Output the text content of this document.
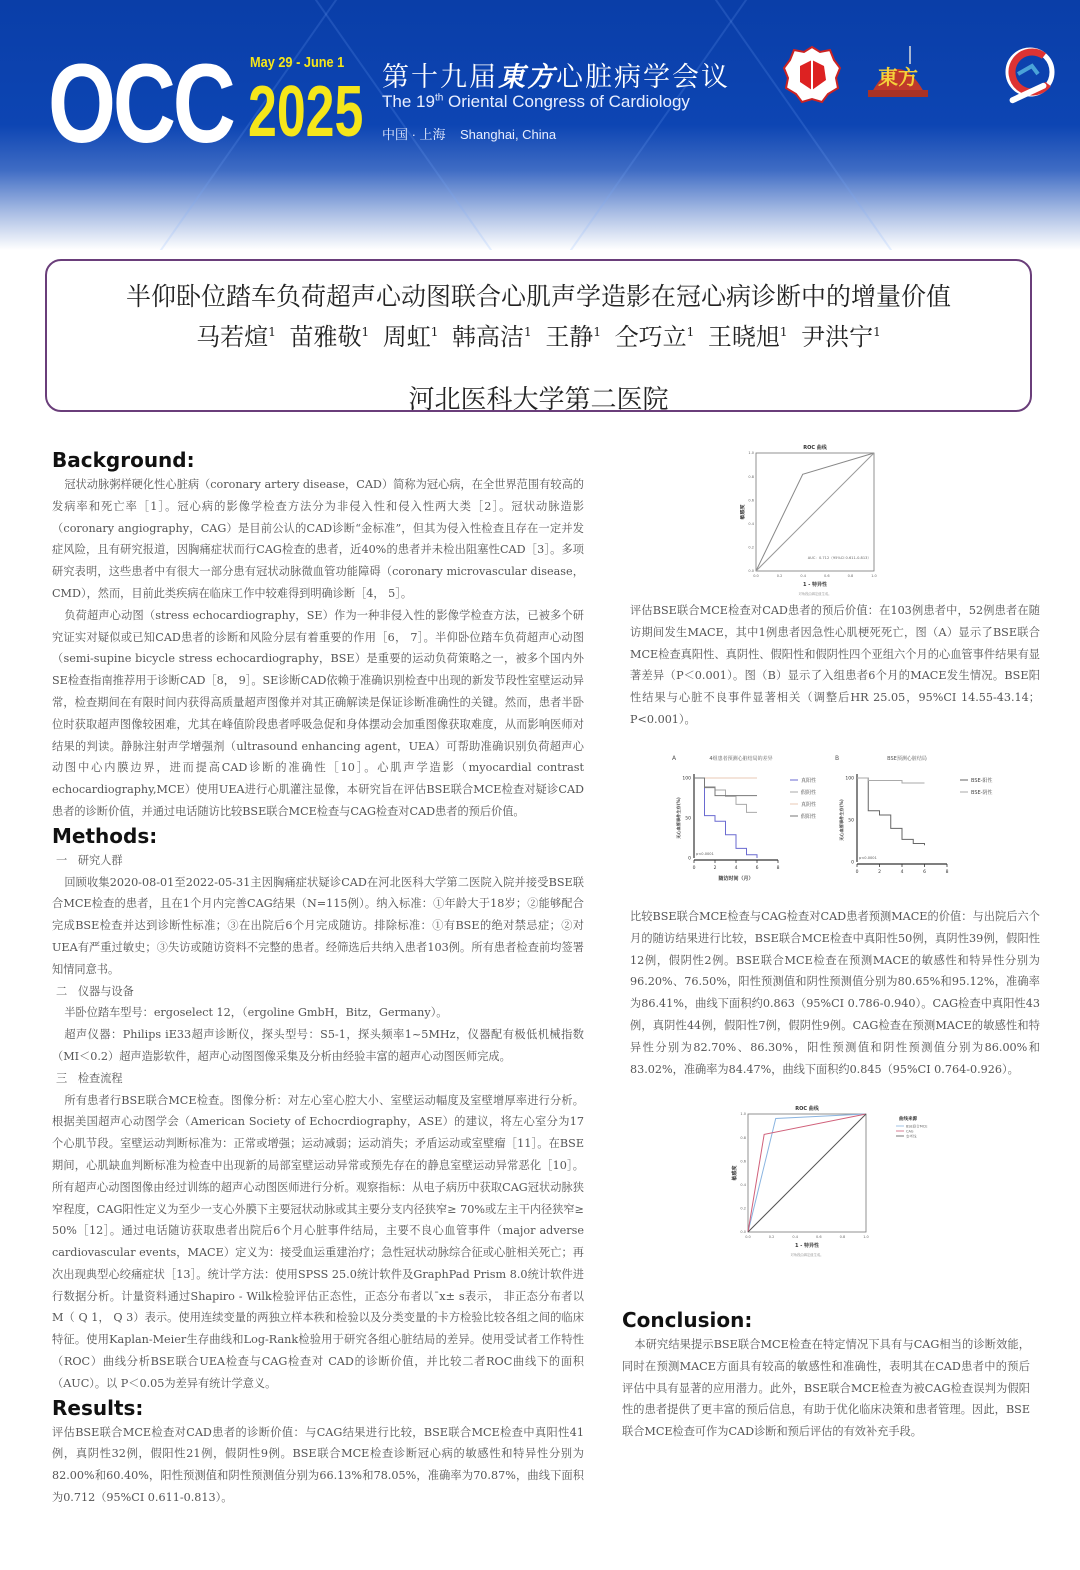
OCC May 29 - June 1
2025 第十九届東方心脏病学会议
The 19th Oriental Congress of Cardiology
中国 · 上海    Shanghai, China
東方
半仰卧位踏车负荷超声心动图联合心肌声学造影在冠心病诊断中的增量价值
马若煊$^1$ 苗雅敬$^1$ 周虹$^1$ 韩高洁$^1$ 王静$^1$ 仝巧立$^1$ 王晓旭$^1$ 尹洪宁$^1$
河北医科大学第二医院
Background:

冠状动脉粥样硬化性心脏病（coronary artery disease，CAD）简称为冠心病，在全世界范围有较高的发病率和死亡率［1］。冠心病的影像学检查方法分为非侵入性和侵入性两大类［2］。冠状动脉造影（coronary angiography，CAG）是目前公认的CAD诊断“金标准”，但其为侵入性检查且存在一定并发症风险，且有研究报道，因胸痛症状而行CAG检查的患者，近40%的患者并未检出阻塞性CAD［3］。多项研究表明，这些患者中有很大一部分患有冠状动脉微血管功能障碍（coronary microvascular disease，CMD），然而，目前此类疾病在临床工作中较难得到明确诊断［4， 5］。

负荷超声心动图（stress echocardiography，SE）作为一种非侵入性的影像学检查方法，已被多个研究证实对疑似或已知CAD患者的诊断和风险分层有着重要的作用［6， 7］。半仰卧位踏车负荷超声心动图（semi-supine bicycle stress echocardiography，BSE）是重要的运动负荷策略之一，被多个国内外SE检查指南推荐用于诊断CAD［8， 9］。SE诊断CAD依赖于准确识别检查中出现的新发节段性室壁运动异常，检查期间在有限时间内获得高质量超声图像并对其正确解读是保证诊断准确性的关键。然而，患者半卧位时获取超声图像较困难，尤其在峰值阶段患者呼吸急促和身体摆动会加重图像获取难度，从而影响医师对结果的判读。静脉注射声学增强剂（ultrasound enhancing agent，UEA）可帮助准确识别负荷超声心动图中心内膜边界，进而提高CAD诊断的准确性［10］。心肌声学造影（myocardial contrast echocardiography,MCE）使用UEA进行心肌灌注显像，本研究旨在评估BSE联合MCE检查对疑诊CAD患者的诊断价值，并通过电话随访比较BSE联合MCE检查与CAG检查对CAD患者的预后价值。

Methods:
一   研究人群

回顾收集2020-08-01至2022-05-31主因胸痛症状疑诊CAD在河北医科大学第二医院入院并接受BSE联合MCE检查的患者，且在1个月内完善CAG结果（N=115例）。纳入标准：①年龄大于18岁；②能够配合完成BSE检查并达到诊断性标准；③在出院后6个月完成随访。排除标准：①有BSE的绝对禁忌症；②对UEA有严重过敏史；③失访或随访资料不完整的患者。经筛选后共纳入患者103例。所有患者检查前均签署知情同意书。

二   仪器与设备

半卧位踏车型号：ergoselect 12，（ergoline GmbH，Bitz，Germany）。

超声仪器：Philips iE33超声诊断仪，探头型号：S5-1，探头频率1~5MHz，仪器配有极低机械指数（MI＜0.2）超声造影软件，超声心动图图像采集及分析由经验丰富的超声心动图医师完成。

三   检查流程

所有患者行BSE联合MCE检查。图像分析：对左心室心腔大小、室壁运动幅度及室壁增厚率进行分析。根据美国超声心动图学会（American Society of Echocrdiography，ASE）的建议，将左心室分为17个心肌节段。室壁运动判断标准为：正常或增强；运动减弱；运动消失；矛盾运动或室壁瘤［11］。在BSE期间，心肌缺血判断标准为检查中出现新的局部室壁运动异常或预先存在的静息室壁运动异常恶化［10］。所有超声心动图图像由经过训练的超声心动图医师进行分析。观察指标：从电子病历中获取CAG冠状动脉狭窄程度，CAG阳性定义为至少一支心外膜下主要冠状动脉或其主要分支内径狭窄≥ 70%或左主干内径狭窄≥ 50%［12］。通过电话随访获取患者出院后6个月心脏事件结局，主要不良心血管事件（major adverse cardiovascular events，MACE）定义为：接受血运重建治疗；急性冠状动脉综合征或心脏相关死亡；再次出现典型心绞痛症状［13］。统计学方法：使用SPSS 25.0统计软件及GraphPad Prism 8.0统计软件进行数据分析。计量资料通过Shapiro - Wilk检验评估正态性，正态分布者以¯x± s表示， 非正态分布者以 M（ Q 1， Q 3）表示。使用连续变量的两独立样本秩和检验以及分类变量的卡方检验比较各组之间的临床特征。使用Kaplan-Meier生存曲线和Log-Rank检验用于研究各组心脏结局的差异。使用受试者工作特性（ROC）曲线分析BSE联合UEA检查与CAG检查对 CAD的诊断价值，并比较二者ROC曲线下的面积（AUC）。以 P＜0.05为差异有统计学意义。

Results:

评估BSE联合MCE检查对CAD患者的诊断价值：与CAG结果进行比较，BSE联合MCE检查中真阳性41例，真阴性32例，假阳性21例，假阴性9例。BSE联合MCE检查诊断冠心病的敏感性和特异性分别为82.00%和60.40%，阳性预测值和阴性预测值分别为66.13%和78.05%，准确率为70.87%，曲线下面积为0.712（95%CI 0.611-0.813）。

ROC 曲线
0.0
0.0
0.2
0.2
0.4
0.4
0.6
0.6
0.8
0.8
1.0
1.0
1 - 特异性
敏感度
AUC：0.712（95%CI 0.611-0.813）
对角段由绑定值生成。

评估BSE联合MCE检查对CAD患者的预后价值：在103例患者中，52例患者在随访期间发生MACE，其中1例患者因急性心肌梗死死亡，图（A）显示了BSE联合MCE检查真阳性、真阴性、假阳性和假阴性四个亚组六个月的心血管事件结果有显著差异（P＜0.001）。图（B）显示了入组患者6个月的MACE发生情况。BSE阳性结果与心脏不良事件显著相关（调整后HR 25.05，95%CI 14.55-43.14；P<0.001）。

A	4组患者预测心脏结局的差异
0	2	4	6	8
0
50
100
随访时间（月）
无心血管事件生存(%)
p<0.0001
真阳性
假阴性
真阴性
假阳性
B	BSE预测心脏结局
0	2	4	6	8
0
50
100
无心血管事件生存(%)
p<0.0001
BSE-阳性
BSE-阴性

比较BSE联合MCE检查与CAG检查对CAD患者预测MACE的价值：与出院后六个月的随访结果进行比较，BSE联合MCE检查中真阳性50例，真阴性39例，假阳性12例，假阴性2例。BSE联合MCE检查在预测MACE的敏感性和特异性分别为96.20%、76.50%，阳性预测值和阴性预测值分别为80.65%和95.12%，准确率为86.41%，曲线下面积约0.863（95%CI 0.786-0.940）。CAG检查中真阳性43例，真阴性44例，假阳性7例，假阴性9例。CAG检查在预测MACE的敏感性和特异性分别为82.70%、86.30%，阳性预测值和阴性预测值分别为86.00%和83.02%，准确率为84.47%，曲线下面积约0.845（95%CI 0.764-0.926）。

ROC 曲线
0.0
0.0
0.2
0.2
0.4
0.4
0.6
0.6
0.8
0.8
1.0
1.0
1 - 特异性
敏感度
对角段由绑定值生成。
曲线来源
BSE联合MCE
CAG
参考线
Conclusion:

本研究结果提示BSE联合MCE检查在特定情况下具有与CAG相当的诊断效能，同时在预测MACE方面具有较高的敏感性和准确性，表明其在CAD患者中的预后评估中具有显著的应用潜力。此外，BSE联合MCE检查为被CAG检查误判为假阳性的患者提供了更丰富的预后信息，有助于优化临床决策和患者管理。因此，BSE联合MCE检查可作为CAD诊断和预后评估的有效补充手段。
